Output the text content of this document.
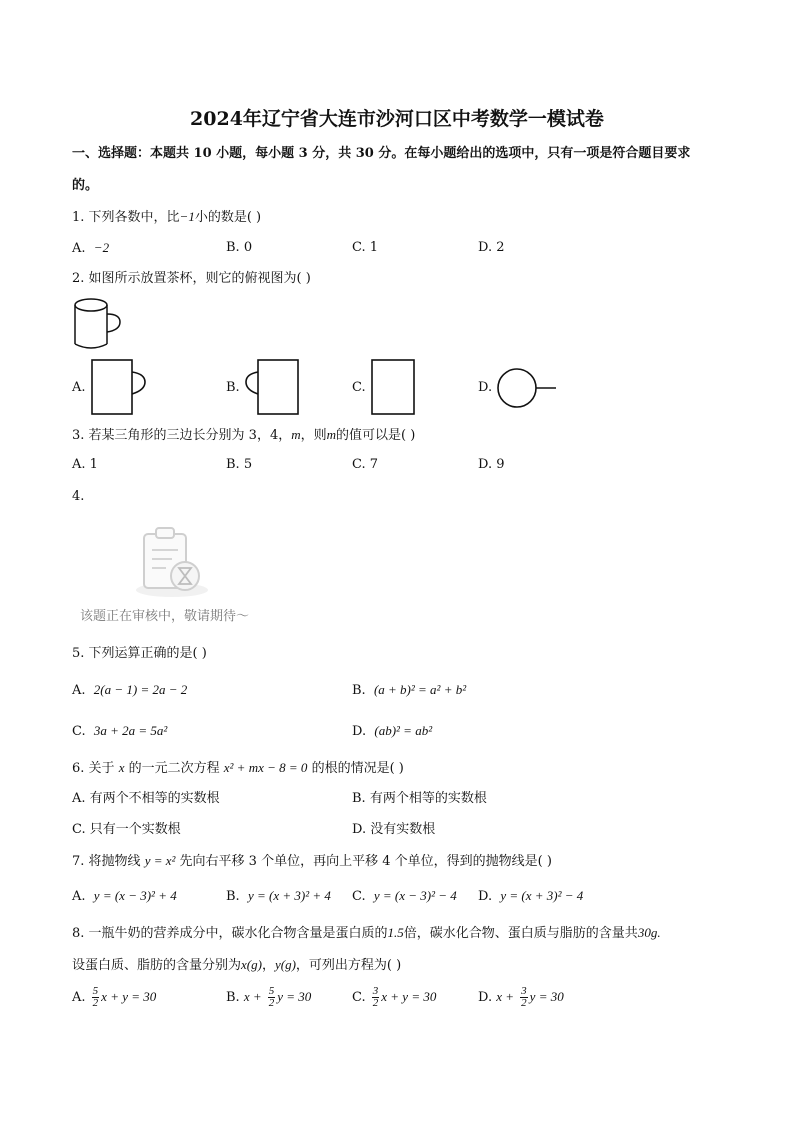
2024年辽宁省大连市沙河口区中考数学一模试卷
一、选择题：本题共 10 小题，每小题 3 分，共 30 分。在每小题给出的选项中，只有一项是符合题目要求
的。
1. 下列各数中，比−1小的数是( )
A. −2	B. 0	C. 1	D. 2
2. 如图所示放置茶杯，则它的俯视图为( )
A.	B.	C.	D.
3. 若某三角形的三边长分别为 3，4，m，则m的值可以是( )
A. 1	B. 5	C. 7	D. 9
4.
该题正在审核中，敬请期待～
5. 下列运算正确的是( )
A. 2(a − 1) = 2a − 2	B. (a + b)² = a² + b²
C. 3a + 2a = 5a²	D. (ab)² = ab²
6. 关于 x 的一元二次方程 x² + mx − 8 = 0 的根的情况是( )
A. 有两个不相等的实数根	B. 有两个相等的实数根
C. 只有一个实数根	D. 没有实数根
7. 将抛物线 y = x² 先向右平移 3 个单位，再向上平移 4 个单位，得到的抛物线是( )
A. y = (x − 3)² + 4	B. y = (x + 3)² + 4 C. y = (x − 3)² − 4 D. y = (x + 3)² − 4
8. 一瓶牛奶的营养成分中，碳水化合物含量是蛋白质的1.5倍，碳水化合物、蛋白质与脂肪的含量共30g.
设蛋白质、脂肪的含量分别为x(g)，y(g)，可列出方程为( )
A. $\frac{5}{2}$ x + y = 30	B. $x + \frac{5}{2}$ y = 30	C. $\frac{3}{2}$ x + y = 30	D. $x + \frac{3}{2}$ y = 30
